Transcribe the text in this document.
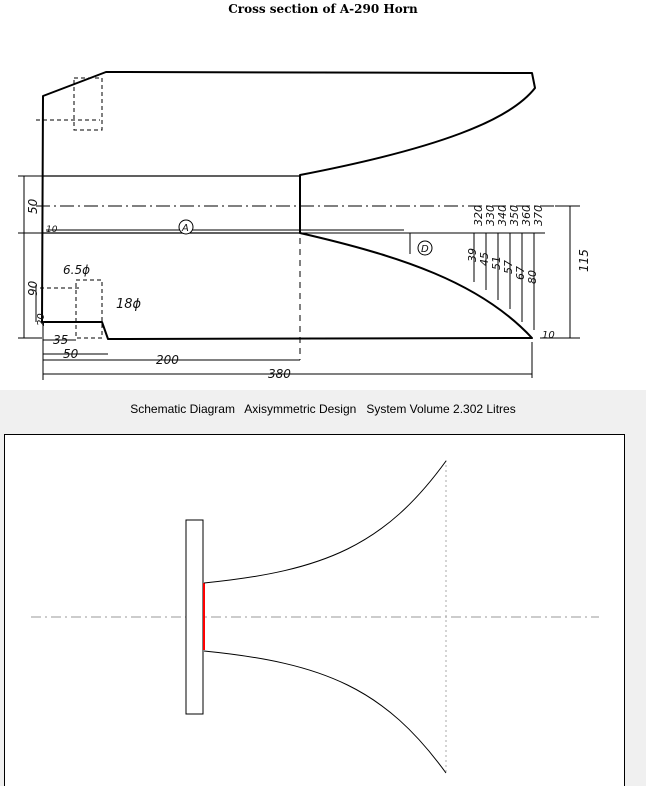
Cross section of A-290 Horn
A
D
50
10
90
20
6.5ϕ
18ϕ
35
50	200
380
115
10
320 330 340 350 360 370
39 45 51 57 67 80
Schematic Diagram   Axisymmetric Design   System Volume 2.302 Litres
